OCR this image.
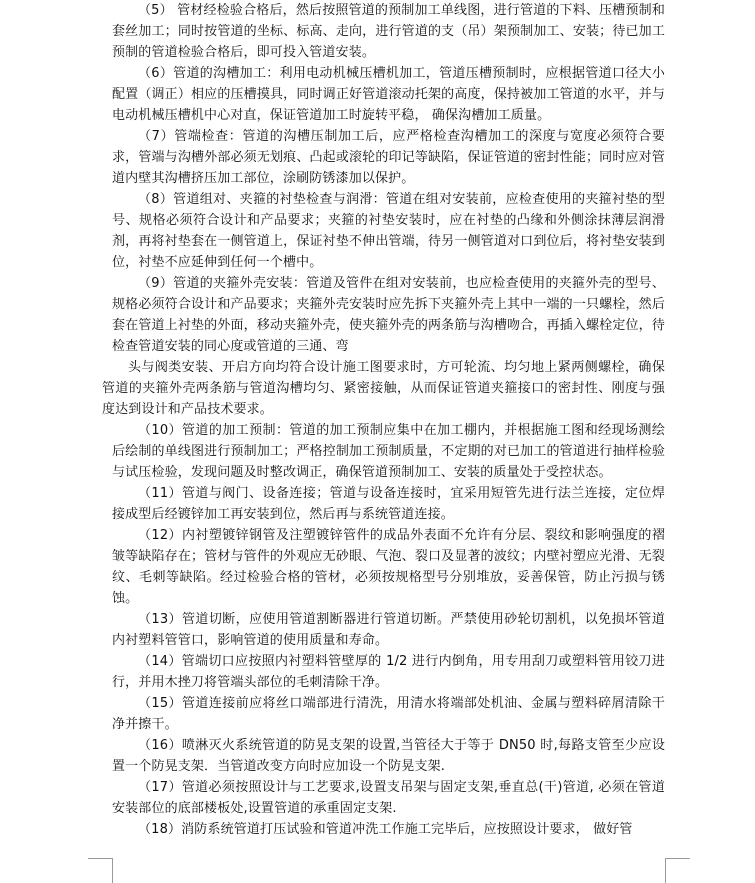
（5） 管材经检验合格后，然后按照管道的预制加工单线图，进行管道的下料、压槽预制和套丝加工；同时按管道的坐标、标高、走向，进行管道的支（吊）架预制加工、安装；待已加工预制的管道检验合格后，即可投入管道安装。

（6）管道的沟槽加工：利用电动机械压槽机加工，管道压槽预制时，应根据管道口径大小配置（调正）相应的压槽摸具，同时调正好管道滚动托架的高度，保持被加工管道的水平，并与电动机械压槽机中心对直，保证管道加工时旋转平稳， 确保沟槽加工质量。

（7）管端检查：管道的沟槽压制加工后，应严格检查沟槽加工的深度与宽度必须符合要求，管端与沟槽外部必须无划痕、凸起或滚轮的印记等缺陷，保证管道的密封性能；同时应对管道内壁其沟槽挤压加工部位，涂刷防锈漆加以保护。

（8）管道组对、夹箍的衬垫检查与润滑：管道在组对安装前，应检查使用的夹箍衬垫的型号、规格必须符合设计和产品要求；夹箍的衬垫安装时，应在衬垫的凸缘和外侧涂抹薄层润滑剂，再将衬垫套在一侧管道上，保证衬垫不伸出管端，待另一侧管道对口到位后，将衬垫安装到位，衬垫不应延伸到任何一个槽中。

（9）管道的夹箍外壳安装：管道及管件在组对安装前，也应检查使用的夹箍外壳的型号、规格必须符合设计和产品要求；夹箍外壳安装时应先拆下夹箍外壳上其中一端的一只螺栓，然后套在管道上衬垫的外面，移动夹箍外壳，使夹箍外壳的两条筋与沟槽吻合，再插入螺栓定位，待检查管道安装的同心度或管道的三通、弯

头与阀类安装、开启方向均符合设计施工图要求时，方可轮流、均匀地上紧两侧螺栓，确保管道的夹箍外壳两条筋与管道沟槽均匀、紧密接触，从而保证管道夹箍接口的密封性、刚度与强度达到设计和产品技术要求。

（10）管道的加工预制：管道的加工预制应集中在加工棚内，并根据施工图和经现场测绘后绘制的单线图进行预制加工；严格控制加工预制质量，不定期的对已加工的管道进行抽样检验与试压检验，发现问题及时整改调正，确保管道预制加工、安装的质量处于受控状态。

（11）管道与阀门、设备连接；管道与设备连接时，宜采用短管先进行法兰连接，定位焊接成型后经镀锌加工再安装到位，然后再与系统管道连接。

（12）内衬塑镀锌钢管及注塑镀锌管件的成品外表面不允许有分层、裂纹和影响强度的褶皱等缺陷存在；管材与管件的外观应无砂眼、气泡、裂口及显著的波纹；内壁衬塑应光滑、无裂纹、毛刺等缺陷。经过检验合格的管材，必须按规格型号分别堆放，妥善保管，防止污损与锈蚀。

（13）管道切断，应使用管道割断器进行管道切断。严禁使用砂轮切割机，以免损坏管道内衬塑料管管口，影响管道的使用质量和寿命。

（14）管端切口应按照内衬塑料管壁厚的 1/2 进行内倒角，用专用刮刀或塑料管用铰刀进行，并用木挫刀将管端头部位的毛刺清除干净。

（15）管道连接前应将丝口端部进行清洗，用清水将端部处机油、金属与塑料碎屑清除干净并擦干。

（16）喷淋灭火系统管道的防晃支架的设置,当管径大于等于 DN50 时,每路支管至少应设置一个防晃支架．当管道改变方向时应加设一个防晃支架.

（17）管道必须按照设计与工艺要求,设置支吊架与固定支架,垂直总(干)管道, 必须在管道安装部位的底部楼板处,设置管道的承重固定支架.

（18）消防系统管道打压试验和管道冲洗工作施工完毕后，应按照设计要求， 做好管
